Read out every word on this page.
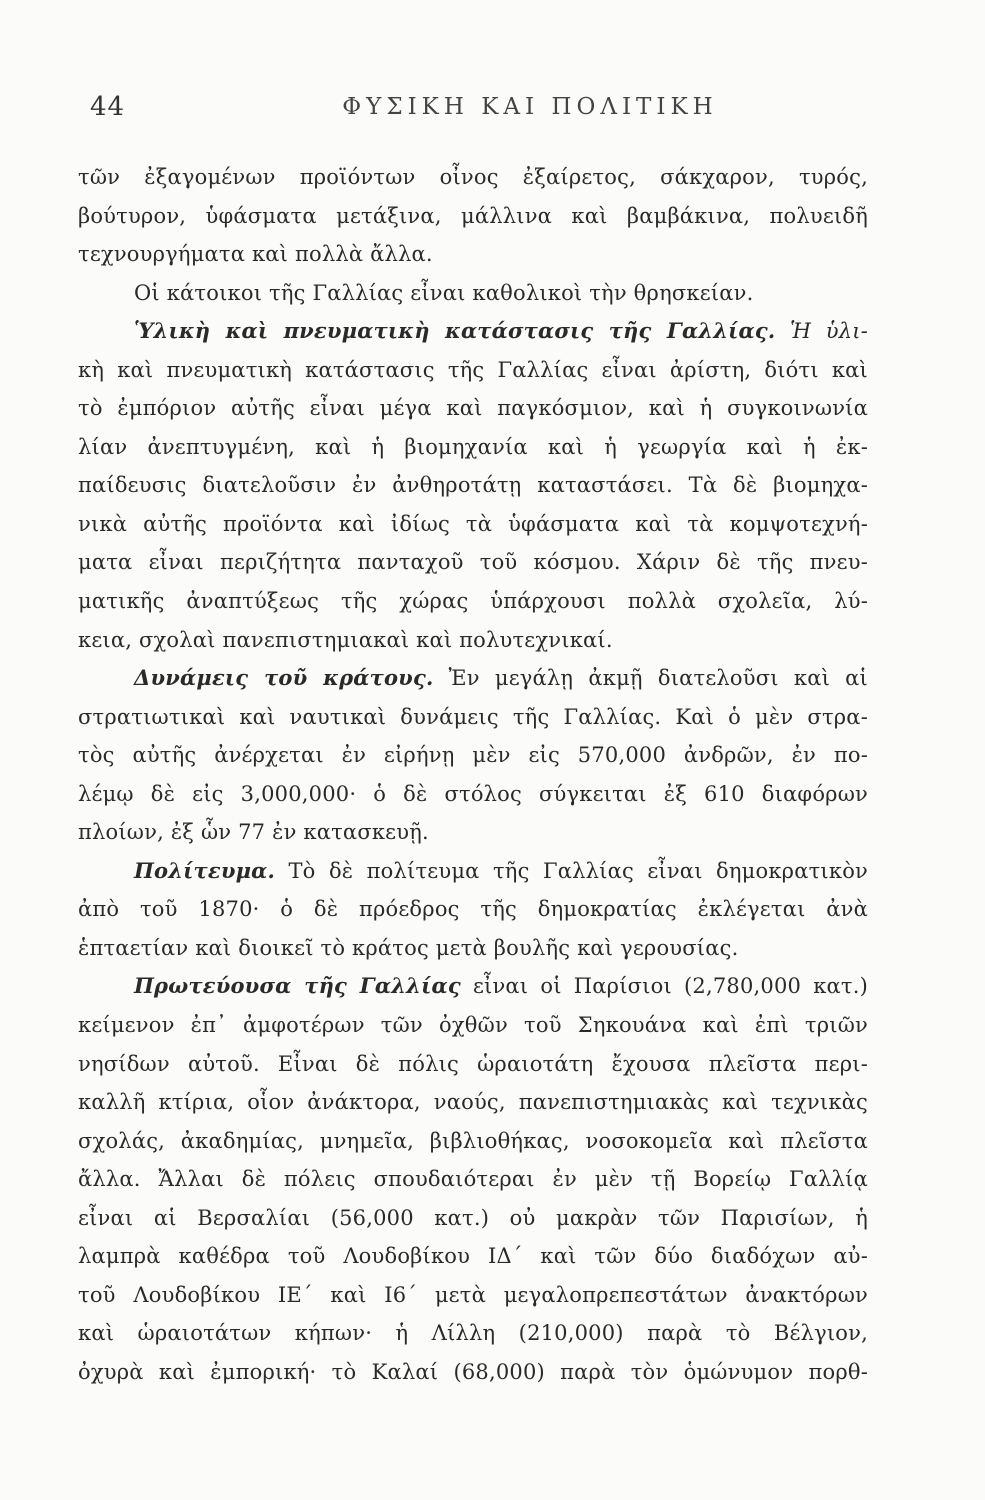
44	ΦΥΣΙΚΗ ΚΑΙ ΠΟΛΙΤΙΚΗ
τῶν ἐξαγομένων προϊόντων οἶνος ἐξαίρετος, σάκχαρον, τυρός,
βούτυρον, ὑφάσματα μετάξινα, μάλλινα καὶ βαμβάκινα, πολυειδῆ
τεχνουργήματα καὶ πολλὰ ἄλλα.
Οἱ κάτοικοι τῆς Γαλλίας εἶναι καθολικοὶ τὴν θρησκείαν.
Ὑλικὴ καὶ πνευματικὴ κατάστασις τῆς Γαλλίας. Ἡ ὑλι-
κὴ καὶ πνευματικὴ κατάστασις τῆς Γαλλίας εἶναι ἀρίστη, διότι καὶ
τὸ ἐμπόριον αὐτῆς εἶναι μέγα καὶ παγκόσμιον, καὶ ἡ συγκοινωνία
λίαν ἀνεπτυγμένη, καὶ ἡ βιομηχανία καὶ ἡ γεωργία καὶ ἡ ἐκ-
παίδευσις διατελοῦσιν ἐν ἀνθηροτάτῃ καταστάσει. Τὰ δὲ βιομηχα-
νικὰ αὐτῆς προϊόντα καὶ ἰδίως τὰ ὑφάσματα καὶ τὰ κομψοτεχνή-
ματα εἶναι περιζήτητα πανταχοῦ τοῦ κόσμου. Χάριν δὲ τῆς πνευ-
ματικῆς ἀναπτύξεως τῆς χώρας ὑπάρχουσι πολλὰ σχολεῖα, λύ-
κεια, σχολαὶ πανεπιστημιακαὶ καὶ πολυτεχνικαί.
Δυνάμεις τοῦ κράτους. Ἐν μεγάλῃ ἀκμῇ διατελοῦσι καὶ αἱ
στρατιωτικαὶ καὶ ναυτικαὶ δυνάμεις τῆς Γαλλίας. Καὶ ὁ μὲν στρα-
τὸς αὐτῆς ἀνέρχεται ἐν εἰρήνῃ μὲν εἰς 570,000 ἀνδρῶν, ἐν πο-
λέμῳ δὲ εἰς 3,000,000· ὁ δὲ στόλος σύγκειται ἐξ 610 διαφόρων
πλοίων, ἐξ ὧν 77 ἐν κατασκευῇ.
Πολίτευμα. Τὸ δὲ πολίτευμα τῆς Γαλλίας εἶναι δημοκρατικὸν
ἀπὸ τοῦ 1870· ὁ δὲ πρόεδρος τῆς δημοκρατίας ἐκλέγεται ἀνὰ
ἑπταετίαν καὶ διοικεῖ τὸ κράτος μετὰ βουλῆς καὶ γερουσίας.
Πρωτεύουσα τῆς Γαλλίας εἶναι οἱ Παρίσιοι (2,780,000 κατ.)
κείμενον ἐπ᾽ ἀμφοτέρων τῶν ὀχθῶν τοῦ Σηκουάνα καὶ ἐπὶ τριῶν
νησίδων αὐτοῦ. Εἶναι δὲ πόλις ὡραιοτάτη ἔχουσα πλεῖστα περι-
καλλῆ κτίρια, οἷον ἀνάκτορα, ναούς, πανεπιστημιακὰς καὶ τεχνικὰς
σχολάς, ἀκαδημίας, μνημεῖα, βιβλιοθήκας, νοσοκομεῖα καὶ πλεῖστα
ἄλλα. Ἄλλαι δὲ πόλεις σπουδαιότεραι ἐν μὲν τῇ Βορείῳ Γαλλίᾳ
εἶναι αἱ Βερσαλίαι (56,000 κατ.) οὐ μακρὰν τῶν Παρισίων, ἡ
λαμπρὰ καθέδρα τοῦ Λουδοβίκου ΙΔ΄ καὶ τῶν δύο διαδόχων αὐ-
τοῦ Λουδοβίκου ΙΕ΄ καὶ Ι6΄ μετὰ μεγαλοπρεπεστάτων ἀνακτόρων
καὶ ὡραιοτάτων κήπων· ἡ Λίλλη (210,000) παρὰ τὸ Βέλγιον,
ὀχυρὰ καὶ ἐμπορική· τὸ Καλαί (68,000) παρὰ τὸν ὁμώνυμον πορθ-
